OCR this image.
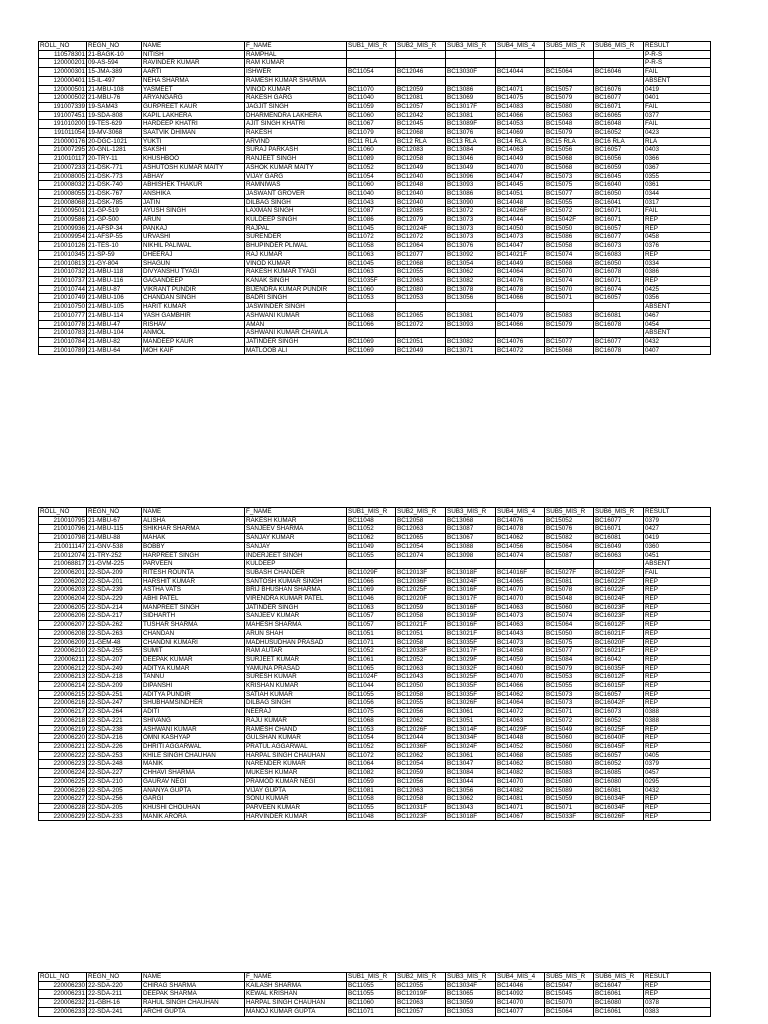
ROLL_NO	REGN_NO	NAME	F_NAME	SUB1_MIS_R	SUB2_MIS_R	SUB3_MIS_R	SUB4_MIS_4	SUB5_MIS_R	SUB6_MIS_R	RESULT
110578301	21-BAGK-10	NITISH	RAMPHAL							P-R-S
120000201	09-AS-594	RAVINDER KUMAR	RAM KUMAR							P-R-S
120000301	15-JMA-389	AARTI	ISHWER	BC11054	BC12046	BC13030F	BC14044	BC15064	BC16046	FAIL
120000401	15-IL-497	NEHA SHARMA	RAMESH KUMAR SHARMA							ABSENT
120000501	21-MBU-108	YASMEET	VINOD KUMAR	BC11070	BC12059	BC13086	BC14071	BC15057	BC16076	0419
120000502	21-MBU-76	ARYANGARG	RAKESH GARG	BC11040	BC12081	BC13069	BC14075	BC15079	BC16077	0401
191007339	19-SAM43	GURPREET KAUR	JAGJIT SINGH	BC11059	BC12057	BC13017F	BC14083	BC15080	BC16071	FAIL
191007451	19-SDA-808	KAPIL LAKHERA	DHARMENDRA LAKHERA	BC11060	BC12042	BC13081	BC14066	BC15063	BC16065	0377
191010200	19-TES-629	HARDEEP KHATRI	AJIT SINGH KHATRI	BC11067	BC12045	BC13089F	BC14053	BC15048	BC16048	FAIL
191011054	19-MV-3068	SAATVIK DHIMAN	RAKESH	BC11079	BC12068	BC13076	BC14069	BC15079	BC16052	0423
210000176	20-DGC-1021	YUKTI	ARVIND	BC11 RLA	BC12 RLA	BC13 RLA	BC14 RLA	BC15 RLA	BC16 RLA	RLA
210007295	20-GNL-1281	SAKSHI	SURAJ PARKASH	BC11060	BC12083	BC13084	BC14063	BC15056	BC16057	0403
210010117	20-TRY-11	KHUSHBOO	RANJEET SINGH	BC11089	BC12058	BC13046	BC14049	BC15068	BC16056	0366
210007233	21-DSK-771	ASHUTOSH KUMAR MAITY	ASHOK KUMAR MAITY	BC11052	BC12049	BC13049	BC14070	BC15068	BC16059	0367
210008005	21-DSK-773	ABHAY	VIJAY GARG	BC11054	BC12040	BC13096	BC14047	BC15073	BC16045	0355
210008032	21-DSK-740	ABHISHEK THAKUR	RAMNIWAS	BC11060	BC12048	BC13093	BC14045	BC15075	BC16040	0361
210008055	21-DSK-767	ANSHIKA	JASWANT GROVER	BC11040	BC12040	BC13086	BC14051	BC15077	BC16050	0344
210008068	21-DSK-785	JATIN	DILBAG SINGH	BC11043	BC12040	BC13090	BC14048	BC15055	BC16041	0317
210009501	21-GP-519	AYUSH SINGH	LAXMAN SINGH	BC11087	BC12085	BC13072	BC14026F	BC15072	BC16071	FAIL
210009586	21-GP-500	ARUN	KULDEEP SINGH	BC11086	BC12079	BC13073	BC14044	BC15042F	BC16071	REP
210009936	21-AFSP-34	PANKAJ	RAJPAL	BC11045	BC12024F	BC13073	BC14050	BC15050	BC16057	REP
210009954	21-AFSP-55	URVASHI	SURENDER	BC11072	BC12072	BC13073	BC14073	BC15086	BC16077	0458
210010126	21-TES-10	NIKHIL PALIWAL	BHUPINDER PLIWAL	BC11058	BC12064	BC13076	BC14047	BC15058	BC16073	0376
210010345	21-SP-59	DHEERAJ	RAJ KUMAR	BC11063	BC12077	BC13092	BC14021F	BC15074	BC16083	REP
210010813	21-GY-804	SHAGUN	VINOD KUMAR	BC11045	BC12068	BC13054	BC14049	BC15068	BC16050	0334
210010732	21-MBU-118	DIVYANSHU TYAGI	RAKESH KUMAR TYAGI	BC11063	BC12055	BC13062	BC14064	BC15070	BC16078	0386
210010737	21-MBU-116	GAGANDEEP	KANAK SINGH	BC11035F	BC12063	BC13082	BC14076	BC15074	BC16071	REP
210010744	21-MBU-87	VIKRANT PUNDIR	BIJENDRA KUMAR PUNDIR	BC11060	BC12080	BC13078	BC14078	BC15070	BC16074	0425
210010749	21-MBU-106	CHANDAN SINGH	BADRI SINGH	BC11053	BC12053	BC13056	BC14066	BC15071	BC16057	0356
210010750	21-MBU-105	HARIT KUMAR	JASWINDER SINGH							ABSENT
210010777	21-MBU-114	YASH GAMBHIR	ASHWANI KUMAR	BC11068	BC12065	BC13081	BC14079	BC15083	BC16081	0467
210010778	21-MBU-47	RISHAV	AMAN	BC11066	BC12072	BC13093	BC14066	BC15079	BC16078	0454
210010783	21-MBU-104	ANMOL	ASHWANI KUMAR CHAWLA							ABSENT
210010784	21-MBU-82	MANDEEP KAUR	JATINDER SINGH	BC11069	BC12051	BC13082	BC14076	BC15077	BC16077	0432
210010789	21-MBU-64	MOH KAIF	MATLOOB ALI	BC11069	BC12049	BC13071	BC14072	BC15068	BC16078	0407
ROLL_NO	REGN_NO	NAME	F_NAME	SUB1_MIS_R	SUB2_MIS_R	SUB3_MIS_R	SUB4_MIS_4	SUB5_MIS_R	SUB6_MIS_R	RESULT
210010795	21-MBU-67	ALISHA	RAKESH KUMAR	BC11048	BC12058	BC13068	BC14076	BC15052	BC16077	0379
210010796	21-MBU-115	SHIKHAR SHARMA	SANJEEV SHARMA	BC11052	BC12063	BC13087	BC14078	BC15076	BC16071	0427
210010798	21-MBU-88	MAHAK	SANJAY KUMAR	BC11062	BC12065	BC13067	BC14062	BC15082	BC16081	0419
210011147	21-GNV-538	BOBBY	SANJAY	BC11049	BC12054	BC13088	BC14056	BC15064	BC16049	0360
210012074	21-TRY-252	HARPREET SINGH	INDERJEET SINGH	BC11055	BC12074	BC13098	BC14074	BC15087	BC16063	0451
210068817	21-GVM-225	PARVEEN	KULDEEP							ABSENT
220006201	22-SDA-209	RITESH ROUNTA	SUBASH CHANDER	BC11029F	BC12013F	BC13018F	BC14016F	BC15027F	BC16022F	FAIL
220006202	22-SDA-201	HARSHIT KUMAR	SANTOSH KUMAR SINGH	BC11066	BC12036F	BC13024F	BC14065	BC15081	BC16022F	REP
220006203	22-SDA-239	ASTHA VATS	BRIJ BHUSHAN SHARMA	BC11069	BC12025F	BC13016F	BC14070	BC15078	BC16022F	REP
220006204	22-SDA-229	ABHI PATEL	VIRENDRA KUMAR PATEL	BC11046	BC12020F	BC13017F	BC14070	BC15048	BC16024F	REP
220006205	22-SDA-214	MANPREET SINGH	JATINDER SINGH	BC11063	BC12059	BC13016F	BC14063	BC15060	BC16023F	REP
220006206	22-SDA-217	SIDHARTH	SANJEEV KUMAR	BC11057	BC12058	BC13019F	BC14073	BC15074	BC16023F	REP
220006207	22-SDA-262	TUSHAR SHARMA	MAHESH SHARMA	BC11057	BC12021F	BC13016F	BC14063	BC15064	BC16012F	REP
220006208	22-SDA-263	CHANDAN	ARUN SHAH	BC11051	BC12051	BC13021F	BC14043	BC15050	BC16021F	REP
220006209	21-GEM-48	CHANDNI KUMARI	MADHUSUDHAN PRASAD	BC11071	BC12058	BC13035F	BC14073	BC15075	BC16020F	REP
220006210	22-SDA-255	SUMIT	RAM AUTAR	BC11052	BC12033F	BC13017F	BC14058	BC15077	BC16021F	REP
220006211	22-SDA-207	DEEPAK KUMAR	SURJEET KUMAR	BC11061	BC12052	BC13029F	BC14059	BC15084	BC16042	REP
220006212	22-SDA-249	ADITYA KUMAR	YAMUNA PRASAD	BC11065	BC12063	BC13032F	BC14060	BC15079	BC16035F	REP
220006213	22-SDA-218	TANNU	SURESH KUMAR	BC11024F	BC12043	BC13025F	BC14070	BC15053	BC16012F	REP
220006214	22-SDA-209	DIPANSHI	KRISHAN KUMAR	BC11044	BC12050	BC13035F	BC14066	BC15055	BC16015F	REP
220006215	22-SDA-251	ADITYA PUNDIR	SATIAH KUMAR	BC11055	BC12058	BC13035F	BC14062	BC15073	BC16057	REP
220006216	22-SDA-247	SHUBHAMSINDHER	DILBAG SINGH	BC11056	BC12055	BC13026F	BC14064	BC15073	BC16042F	REP
220006217	22-SDA-264	ADITI	NEERAJ	BC11075	BC12056	BC13061	BC14072	BC15071	BC16073	0388
220006218	22-SDA-221	SHIVANG	RAJU KUMAR	BC11068	BC12062	BC13051	BC14063	BC15072	BC16052	0388
220006219	22-SDA-238	ASHWANI KUMAR	RAMESH CHAND	BC11053	BC12026F	BC13014F	BC14029F	BC15049	BC16025F	REP
220006220	22-SDA-216	OMNI KASHYAP	GULSHAN KUMAR	BC11054	BC12044	BC13034F	BC14048	BC15060	BC16040F	REP
220006221	22-SDA-226	DHRITI AGGARWAL	PRATUL AGGARWAL	BC11052	BC12036F	BC13024F	BC14052	BC15060	BC16045F	REP
220006222	22-SDA-253	KHILE SINGH CHAUHAN	HARPAL SINGH CHAUHAN	BC11072	BC12062	BC13061	BC14068	BC15085	BC16057	0405
220006223	22-SDA-248	MANIK	NARENDER KUMAR	BC11064	BC12054	BC13047	BC14062	BC15080	BC16052	0379
220006224	22-SDA-227	CHHAVI SHARMA	MUKESH KUMAR	BC11082	BC12059	BC13084	BC14082	BC15083	BC16085	0457
220006225	22-SDA-210	GAURAV NEGI	PRAMOD KUMAR NEGI	BC11059	BC12056	BC13044	BC14070	BC15080	BC16080	0295
220006226	22-SDA-205	ANANYA GUPTA	VIJAY GUPTA	BC11081	BC12063	BC13056	BC14082	BC15089	BC16081	0432
220006227	22-SDA-256	GARGI	SONU KUMAR	BC11058	BC12058	BC13062	BC14081	BC15059	BC16034F	REP
220006228	22-SDA-205	KHUSHI CHOUHAN	PARVEEN KUMAR	BC11055	BC12031F	BC13043	BC14071	BC15071	BC16034F	REP
220006229	22-SDA-233	MANIK ARORA	HARVINDER KUMAR	BC11048	BC12023F	BC13018F	BC14067	BC15033F	BC16026F	REP
ROLL_NO	REGN_NO	NAME	F_NAME	SUB1_MIS_R	SUB2_MIS_R	SUB3_MIS_R	SUB4_MIS_4	SUB5_MIS_R	SUB6_MIS_R	RESULT
220006230	22-SDA-220	CHIRAG SHARMA	KAILASH SHARMA	BC11055	BC12055	BC13034F	BC14046	BC15047	BC16047	REP
220006231	22-SDA-211	DEEPAK SHARMA	KEWAL KRISHAN	BC11055	BC12019F	BC13065	BC14092	BC15045	BC16061	REP
220006232	21-GBH-16	RAHUL SINGH CHAUHAN	HARPAL SINGH CHAUHAN	BC11060	BC12063	BC13059	BC14070	BC15070	BC16080	0378
220006233	22-SDA-241	ARCHI GUPTA	MANOJ KUMAR GUPTA	BC11071	BC12057	BC13053	BC14077	BC15064	BC16061	0383
